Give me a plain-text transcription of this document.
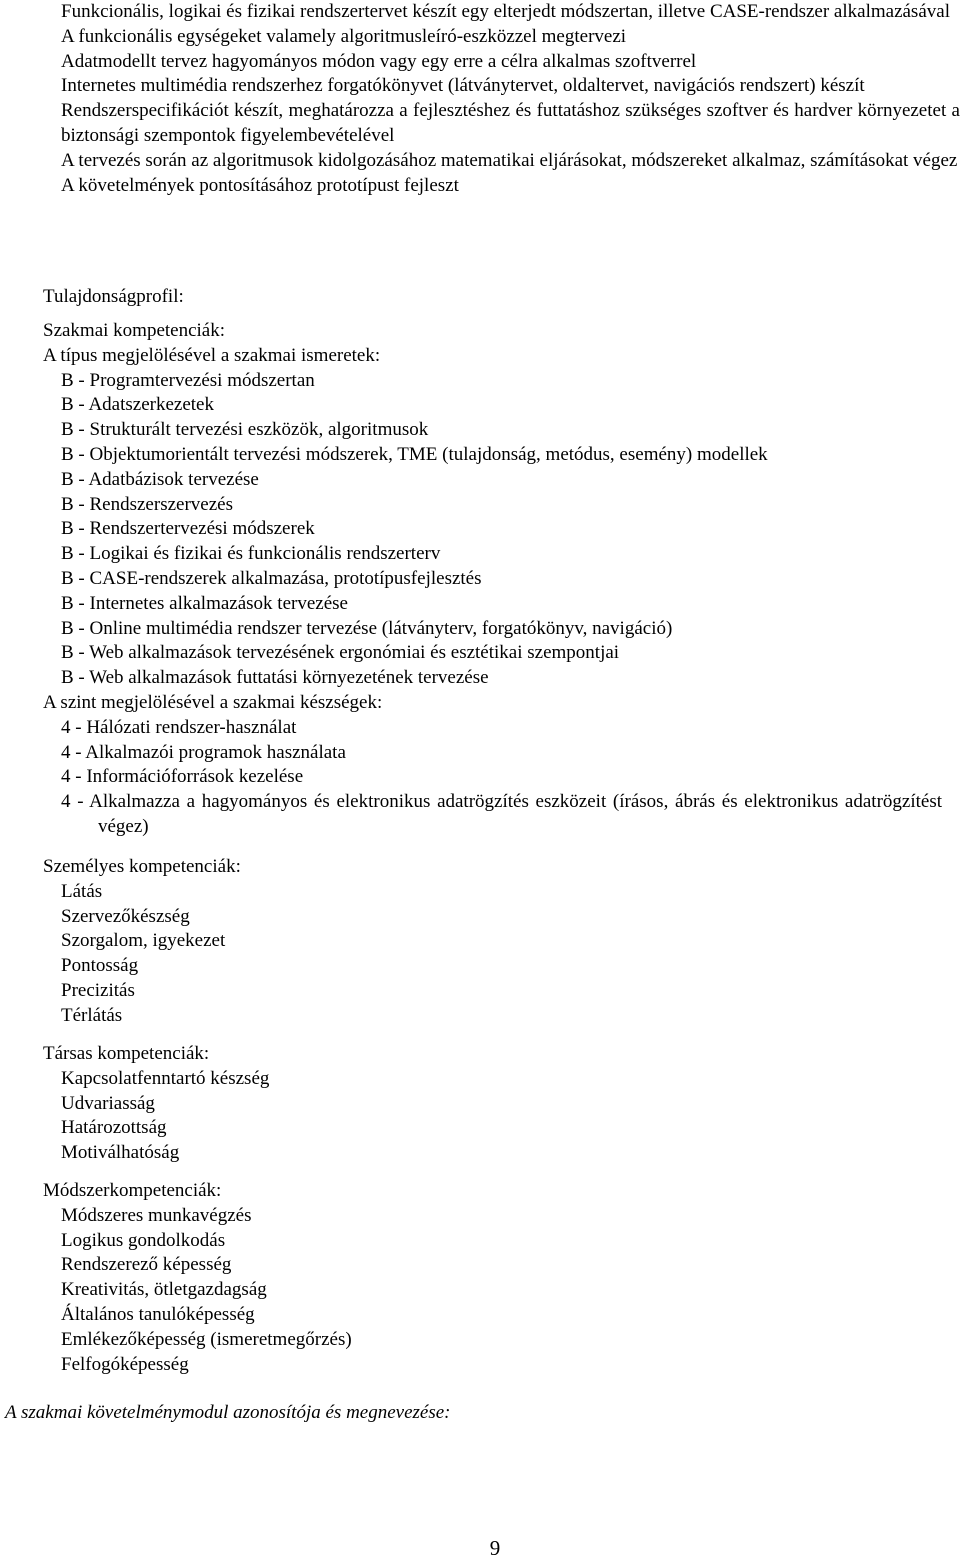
Funkcionális, logikai és fizikai rendszertervet készít egy elterjedt módszertan, illetve CASE-rendszer alkalmazásával
A funkcionális egységeket valamely algoritmusleíró-eszközzel megtervezi
Adatmodellt tervez hagyományos módon vagy egy erre a célra alkalmas szoftverrel
Internetes multimédia rendszerhez forgatókönyvet (látványtervet, oldaltervet, navigációs rendszert) készít
Rendszerspecifikációt készít, meghatározza a fejlesztéshez és futtatáshoz szükséges szoftver és hardver környezetet a biztonsági szempontok figyelembevételével
A tervezés során az algoritmusok kidolgozásához matematikai eljárásokat, módszereket alkalmaz, számításokat végez
A követelmények pontosításához prototípust fejleszt

Tulajdonságprofil:

Szakmai kompetenciák:
A típus megjelölésével a szakmai ismeretek:
B - Programtervezési módszertan
B - Adatszerkezetek
B - Strukturált tervezési eszközök, algoritmusok
B - Objektumorientált tervezési módszerek, TME (tulajdonság, metódus, esemény) modellek
B - Adatbázisok tervezése
B - Rendszerszervezés
B - Rendszertervezési módszerek
B - Logikai és fizikai és funkcionális rendszerterv
B - CASE-rendszerek alkalmazása, prototípusfejlesztés
B - Internetes alkalmazások tervezése
B - Online multimédia rendszer tervezése (látványterv, forgatókönyv, navigáció)
B - Web alkalmazások tervezésének ergonómiai és esztétikai szempontjai
B - Web alkalmazások futtatási környezetének tervezése
A szint megjelölésével a szakmai készségek:
4 - Hálózati rendszer-használat
4 - Alkalmazói programok használata
4 - Információforrások kezelése
4 - Alkalmazza a hagyományos és elektronikus adatrögzítés eszközeit (írásos, ábrás és elektronikus adatrögzítést végez)
Személyes kompetenciák:
Látás
Szervezőkészség
Szorgalom, igyekezet
Pontosság
Precizitás
Térlátás
Társas kompetenciák:
Kapcsolatfenntartó készség
Udvariasság
Határozottság
Motiválhatóság
Módszerkompetenciák:
Módszeres munkavégzés
Logikus gondolkodás
Rendszerező képesség
Kreativitás, ötletgazdagság
Általános tanulóképesség
Emlékezőképesség (ismeretmegőrzés)
Felfogóképesség

A szakmai követelménymodul azonosítója és megnevezése:

9
